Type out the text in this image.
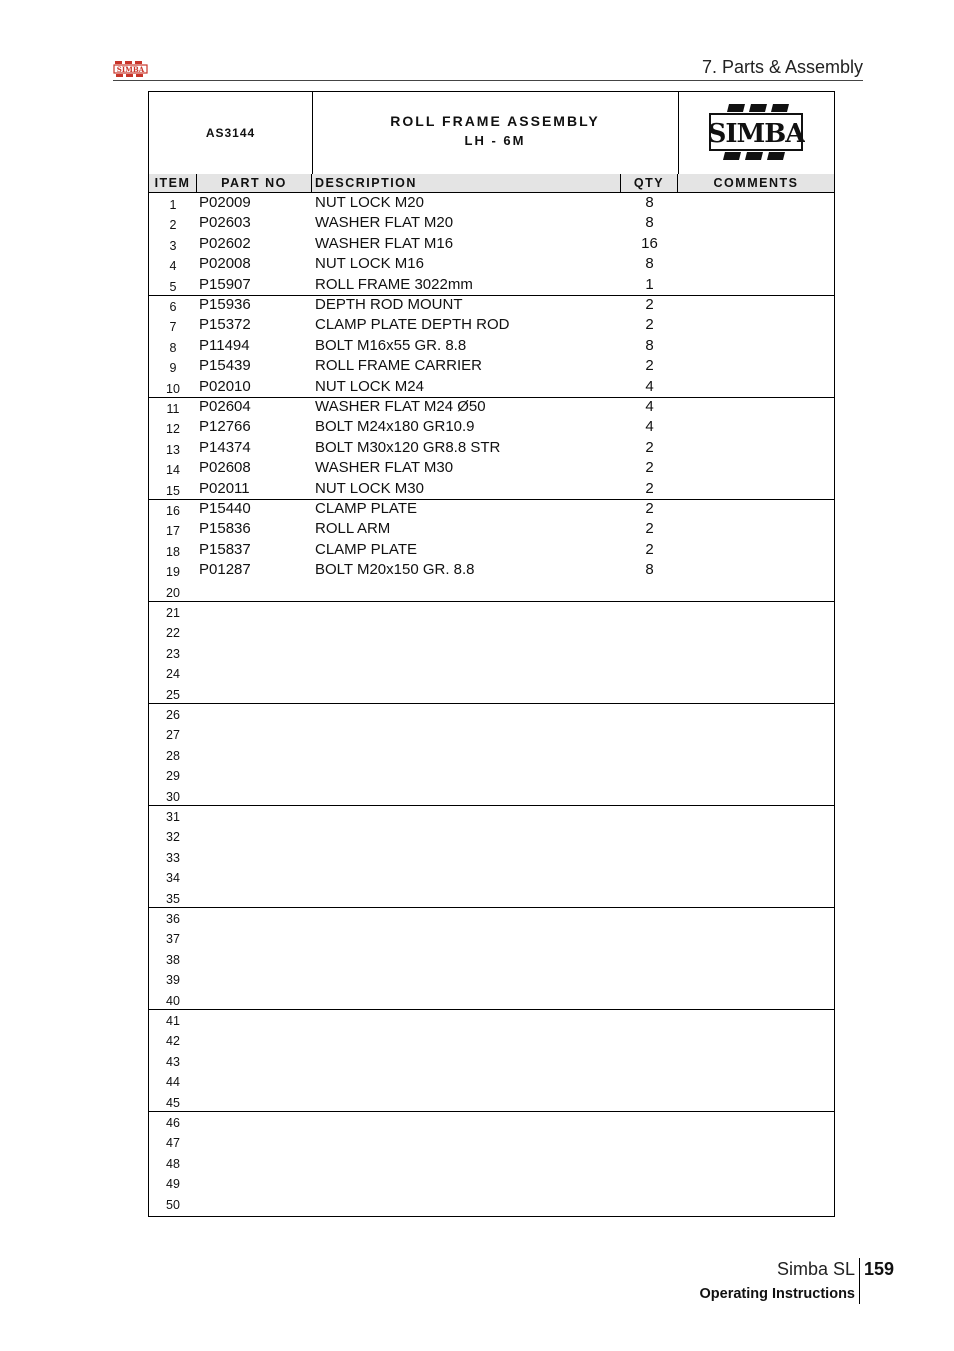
SIMBA	7. Parts & Assembly
AS3144
ROLL FRAME ASSEMBLY
LH - 6M	SIMBA
ITEM	PART NO	DESCRIPTION	QTY	COMMENTS
1	P02009	NUT LOCK M20	8
2	P02603	WASHER FLAT M20	8
3	P02602	WASHER FLAT M16	16
4	P02008	NUT LOCK M16	8
5	P15907	ROLL FRAME 3022mm	1
6	P15936	DEPTH ROD MOUNT	2
7	P15372	CLAMP PLATE DEPTH ROD	2
8	P11494	BOLT M16x55 GR. 8.8	8
9	P15439	ROLL FRAME CARRIER	2
10	P02010	NUT LOCK M24	4
11	P02604	WASHER FLAT M24 Ø50	4
12	P12766	BOLT M24x180 GR10.9	4
13	P14374	BOLT M30x120 GR8.8 STR	2
14	P02608	WASHER FLAT M30	2
15	P02011	NUT LOCK M30	2
16	P15440	CLAMP PLATE	2
17	P15836	ROLL ARM	2
18	P15837	CLAMP PLATE	2
19	P01287	BOLT M20x150 GR. 8.8	8
20
21
22
23
24
25
26
27
28
29
30
31
32
33
34
35
36
37
38
39
40
41
42
43
44
45
46
47
48
49
50
Simba SL 159
Operating Instructions
